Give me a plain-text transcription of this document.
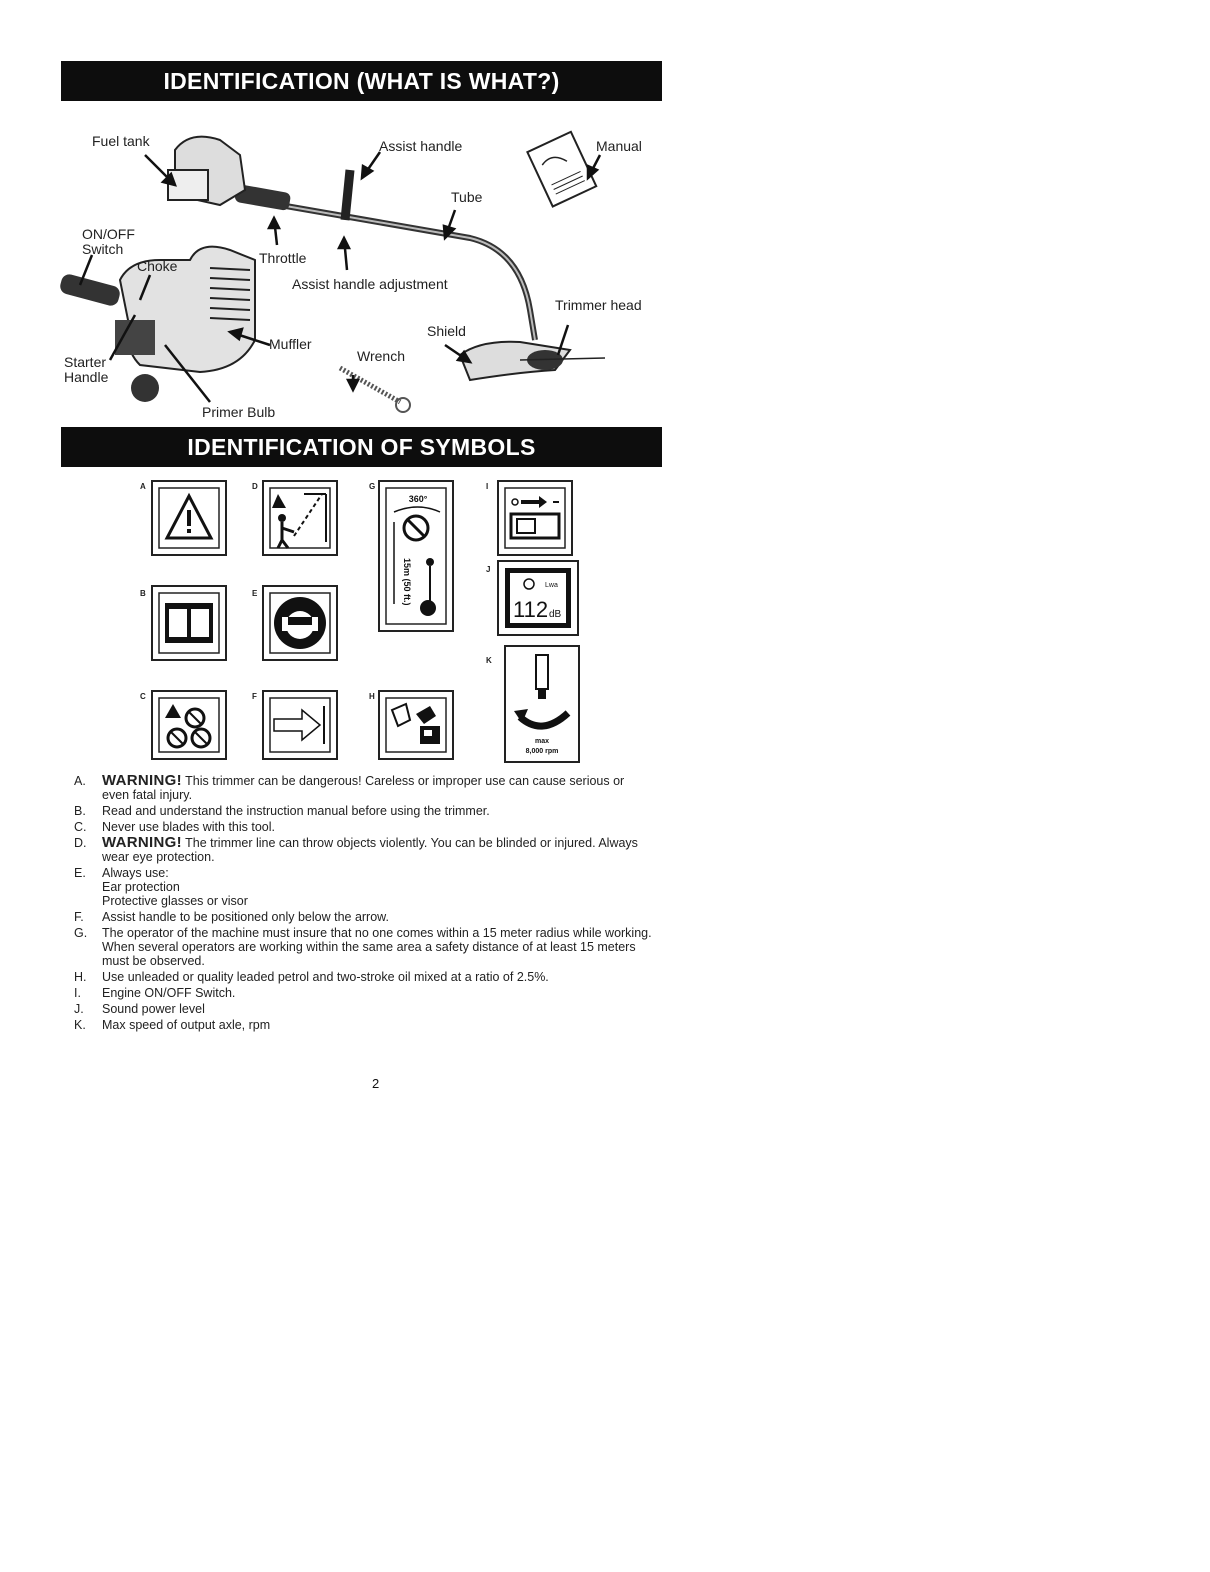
IDENTIFICATION (WHAT IS WHAT?)
Fuel tank	Assist handle	Manual
Tube
ON/OFF Switch
Choke	Throttle
Assist handle adjustment
Trimmer head
Shield
Muffler
Wrench
Starter Handle
Primer Bulb
IDENTIFICATION OF SYMBOLS
A
B
C
D
E
F
G
H
I
J
K
360°
15m (50 ft.)	Lwa
112 dB
max
8,000 rpm
A.	WARNING! This trimmer can be dangerous! Careless or improper use can cause serious or even fatal injury.
B.	Read and understand the instruction manual before using the trimmer.
C.	Never use blades with this tool.
D.	WARNING! The trimmer line can throw objects violently. You can be blinded or injured. Always wear eye protection.
E.	Always use:
Ear protection
Protective glasses or visor
F.	Assist handle to be positioned only below the arrow.
G.	The operator of the machine must insure that no one comes within a 15 meter radius while working. When several operators are working within the same area a safety distance of at least 15 meters must be observed.
H.	Use unleaded or quality leaded petrol and two-stroke oil mixed at a ratio of 2.5%.
I.	Engine ON/OFF Switch.
J.	Sound power level
K.	Max speed of output axle, rpm
2
